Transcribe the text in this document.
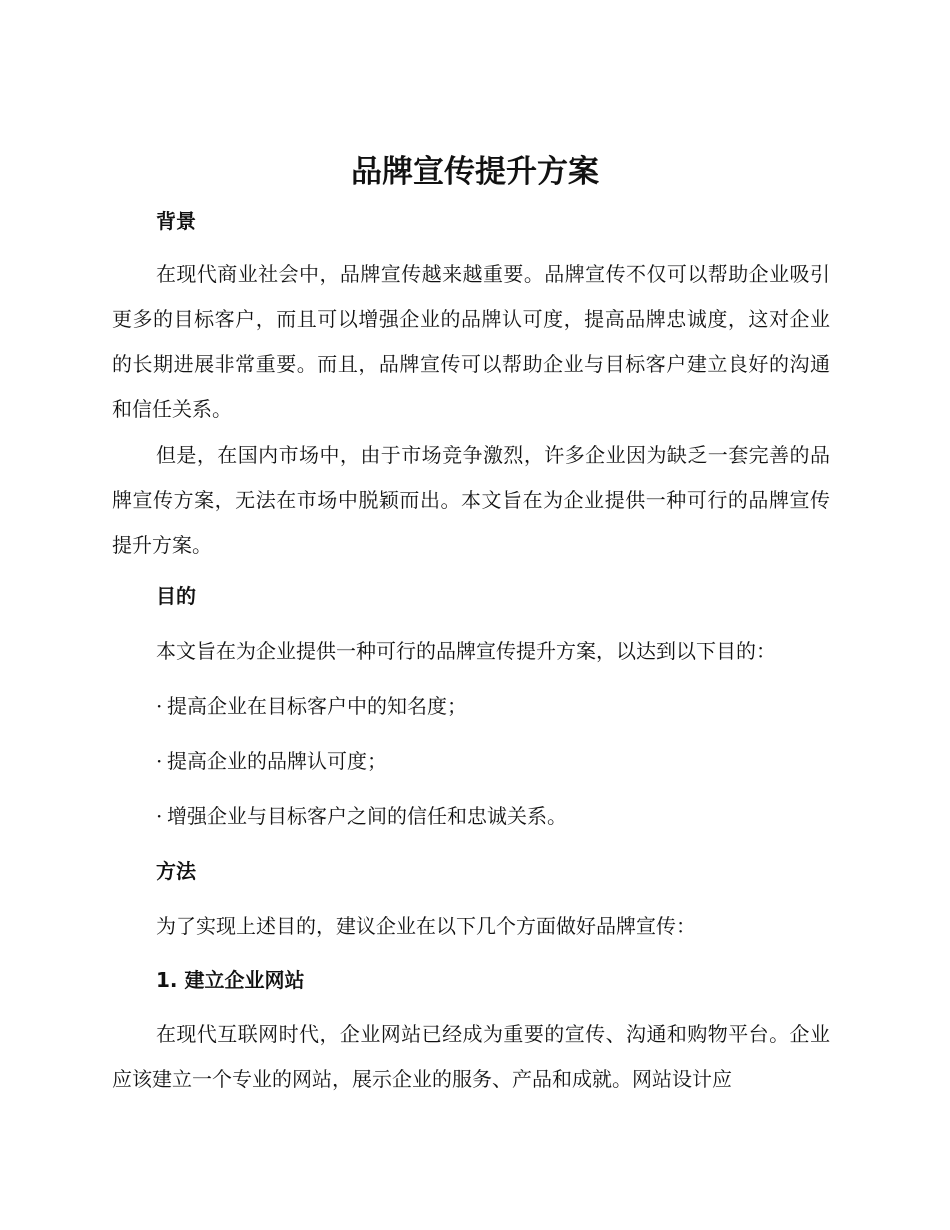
品牌宣传提升方案
背景

在现代商业社会中，品牌宣传越来越重要。品牌宣传不仅可以帮助企业吸引更多的目标客户，而且可以增强企业的品牌认可度，提高品牌忠诚度，这对企业的长期进展非常重要。而且，品牌宣传可以帮助企业与目标客户建立良好的沟通和信任关系。

但是，在国内市场中，由于市场竞争激烈，许多企业因为缺乏一套完善的品牌宣传方案，无法在市场中脱颖而出。本文旨在为企业提供一种可行的品牌宣传提升方案。

目的

本文旨在为企业提供一种可行的品牌宣传提升方案，以达到以下目的：

· 提高企业在目标客户中的知名度；

· 提高企业的品牌认可度；

· 增强企业与目标客户之间的信任和忠诚关系。

方法

为了实现上述目的，建议企业在以下几个方面做好品牌宣传：

1. 建立企业网站

在现代互联网时代，企业网站已经成为重要的宣传、沟通和购物平台。企业应该建立一个专业的网站，展示企业的服务、产品和成就。网站设计应
